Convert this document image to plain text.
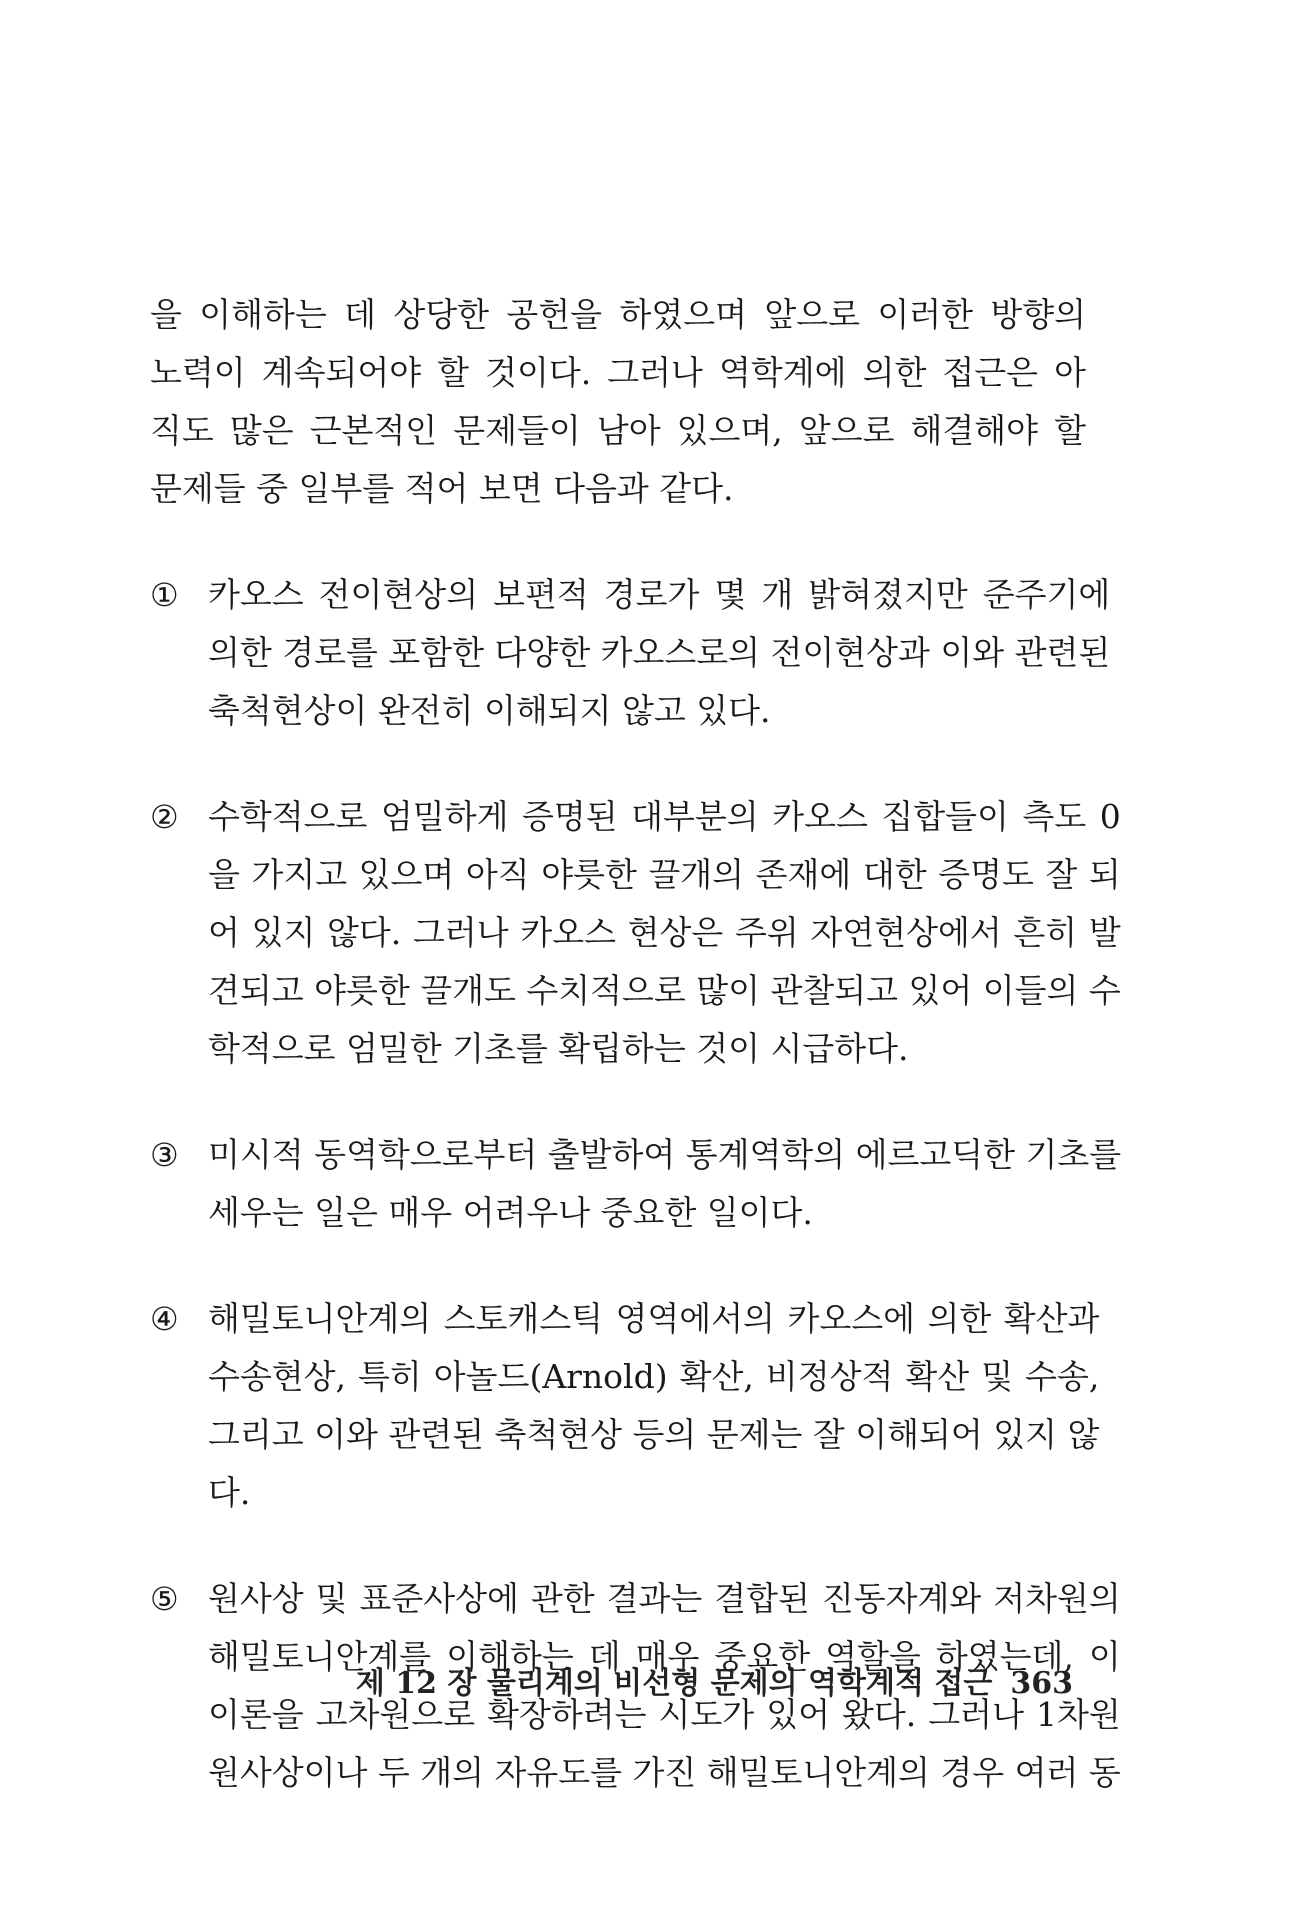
을 이해하는 데 상당한 공헌을 하였으며 앞으로 이러한 방향의
노력이 계속되어야 할 것이다. 그러나 역학계에 의한 접근은 아
직도 많은 근본적인 문제들이 남아 있으며, 앞으로 해결해야 할
문제들 중 일부를 적어 보면 다음과 같다.

① 카오스 전이현상의 보편적 경로가 몇 개 밝혀졌지만 준주기에
의한 경로를 포함한 다양한 카오스로의 전이현상과 이와 관련된
축척현상이 완전히 이해되지 않고 있다.
② 수학적으로 엄밀하게 증명된 대부분의 카오스 집합들이 측도 0
을 가지고 있으며 아직 야릇한 끌개의 존재에 대한 증명도 잘 되
어 있지 않다. 그러나 카오스 현상은 주위 자연현상에서 흔히 발
견되고 야릇한 끌개도 수치적으로 많이 관찰되고 있어 이들의 수
학적으로 엄밀한 기초를 확립하는 것이 시급하다.
③ 미시적 동역학으로부터 출발하여 통계역학의 에르고딕한 기초를
세우는 일은 매우 어려우나 중요한 일이다.
④ 해밀토니안계의 스토캐스틱 영역에서의 카오스에 의한 확산과
수송현상, 특히 아놀드(Arnold) 확산, 비정상적 확산 및 수송,
그리고 이와 관련된 축척현상 등의 문제는 잘 이해되어 있지 않
다.
⑤ 원사상 및 표준사상에 관한 결과는 결합된 진동자계와 저차원의
해밀토니안계를 이해하는 데 매우 중요한 역할을 하였는데, 이
이론을 고차원으로 확장하려는 시도가 있어 왔다. 그러나 1차원
원사상이나 두 개의 자유도를 가진 해밀토니안계의 경우 여러 동
제 12 장 물리계의 비선형 문제의 역학계적 접근 363
